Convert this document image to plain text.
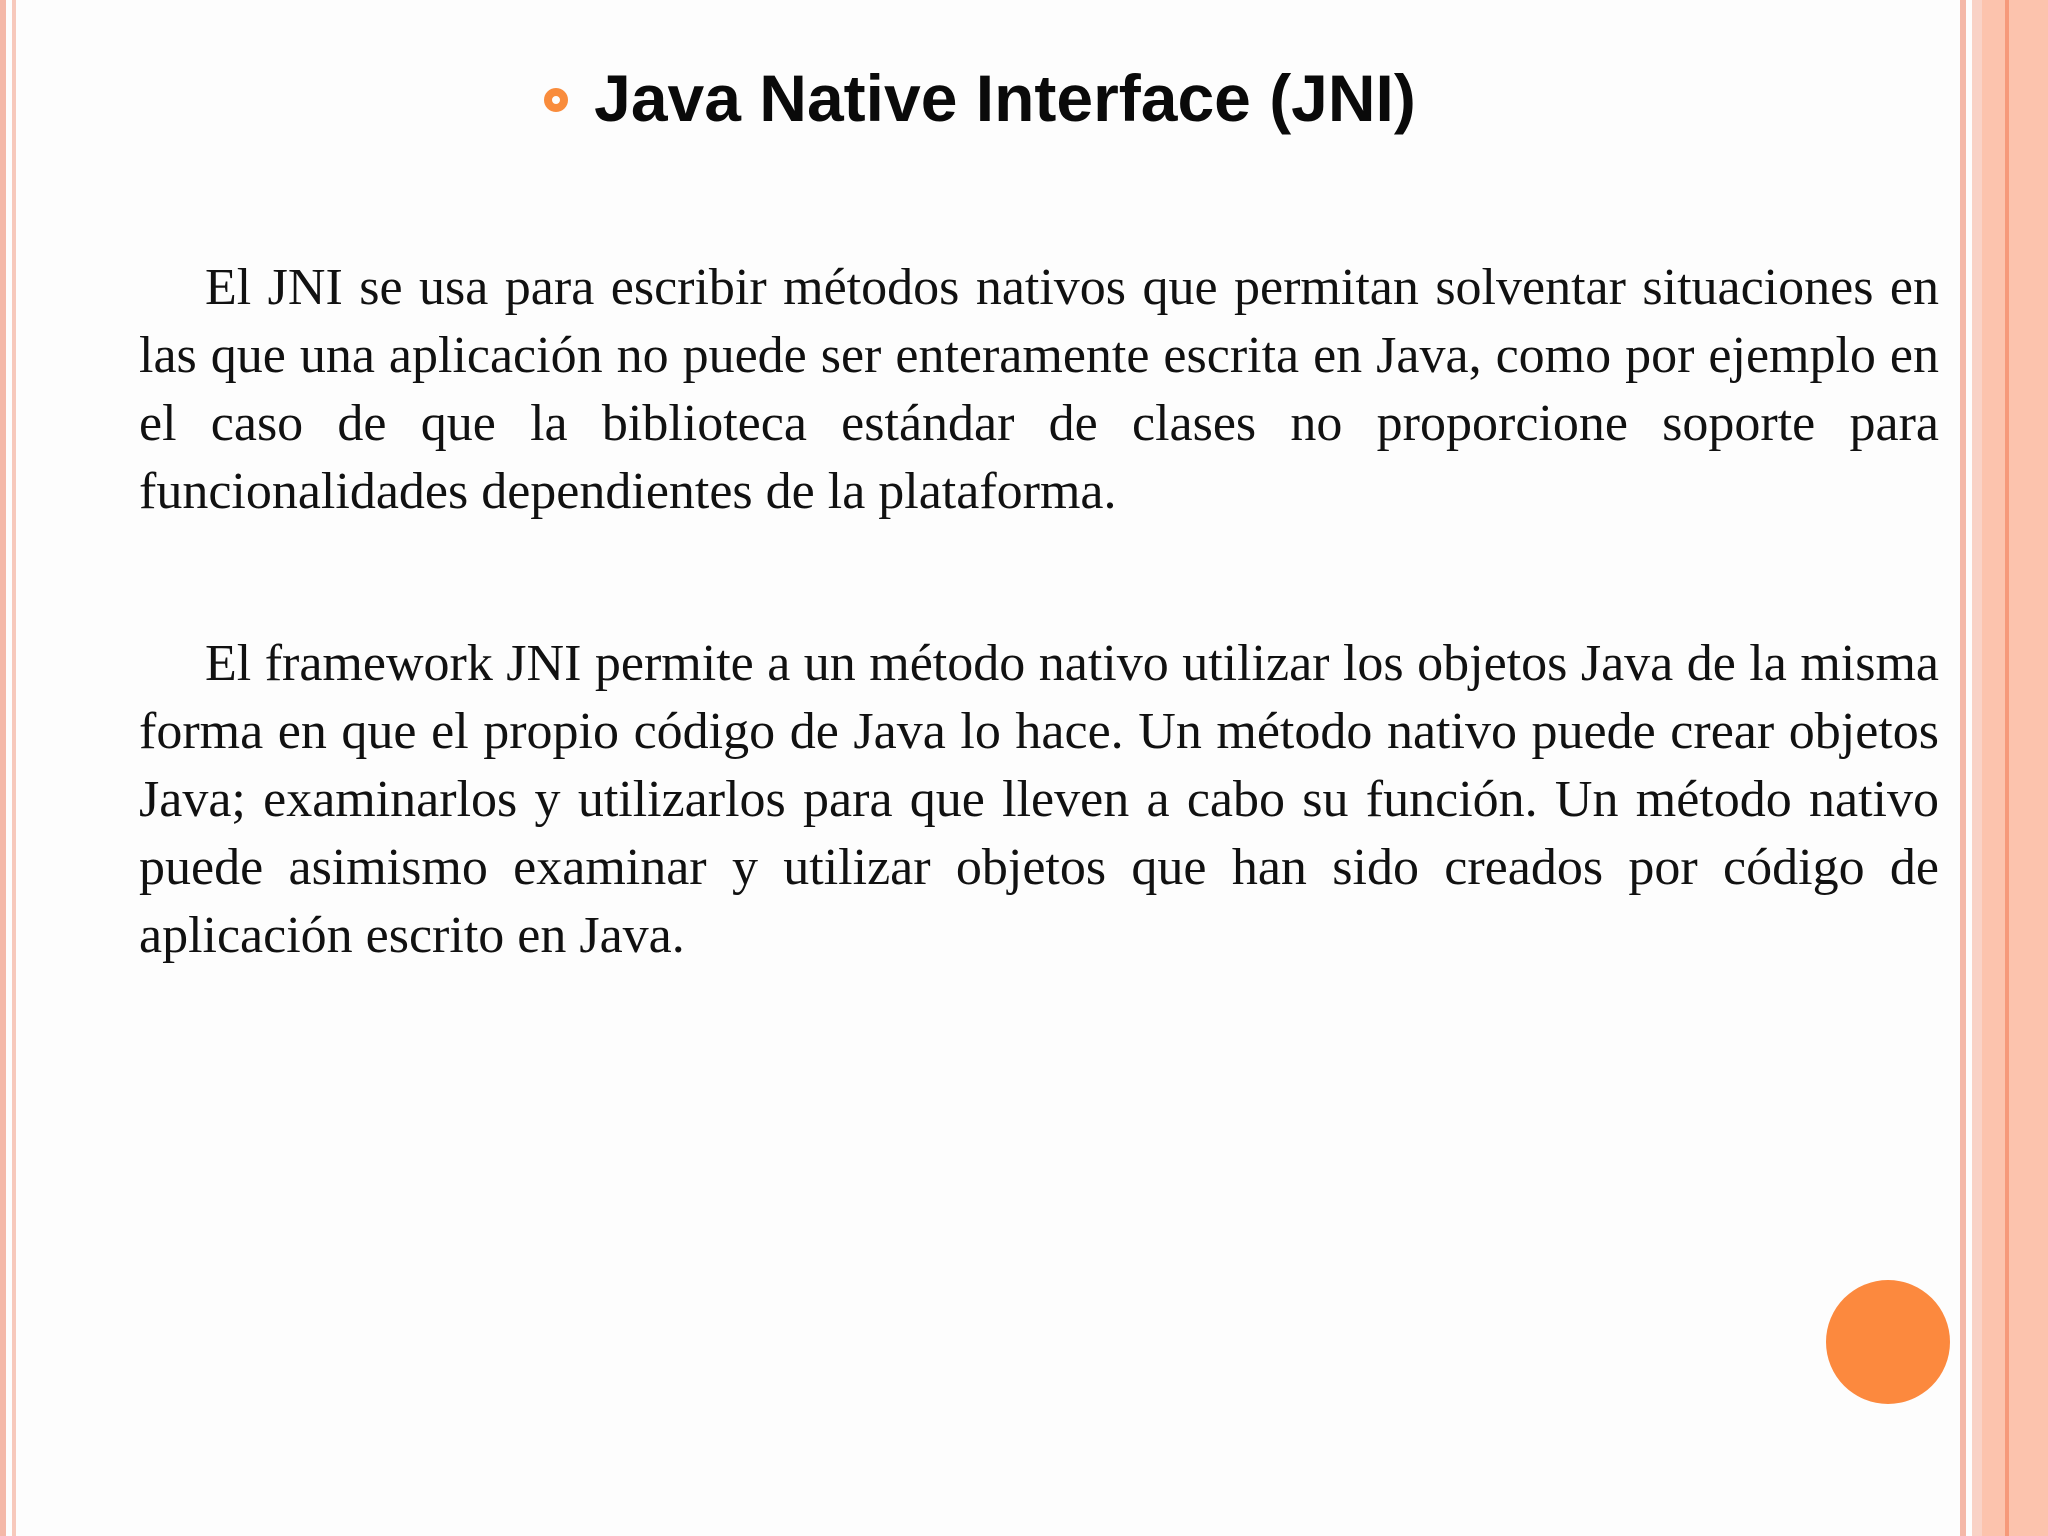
Java Native Interface (JNI)

El JNI se usa para escribir métodos nativos que permitan solventar situaciones en las que una aplicación no puede ser enteramente escrita en Java, como por ejemplo en el caso de que la biblioteca estándar de clases no proporcione soporte para funcionalidades dependientes de la plataforma.

El framework JNI permite a un método nativo utilizar los objetos Java de la misma forma en que el propio código de Java lo hace. Un método nativo puede crear objetos Java; examinarlos y utilizarlos para que lleven a cabo su función. Un método nativo puede asimismo examinar y utilizar objetos que han sido creados por código de aplicación escrito en Java.
